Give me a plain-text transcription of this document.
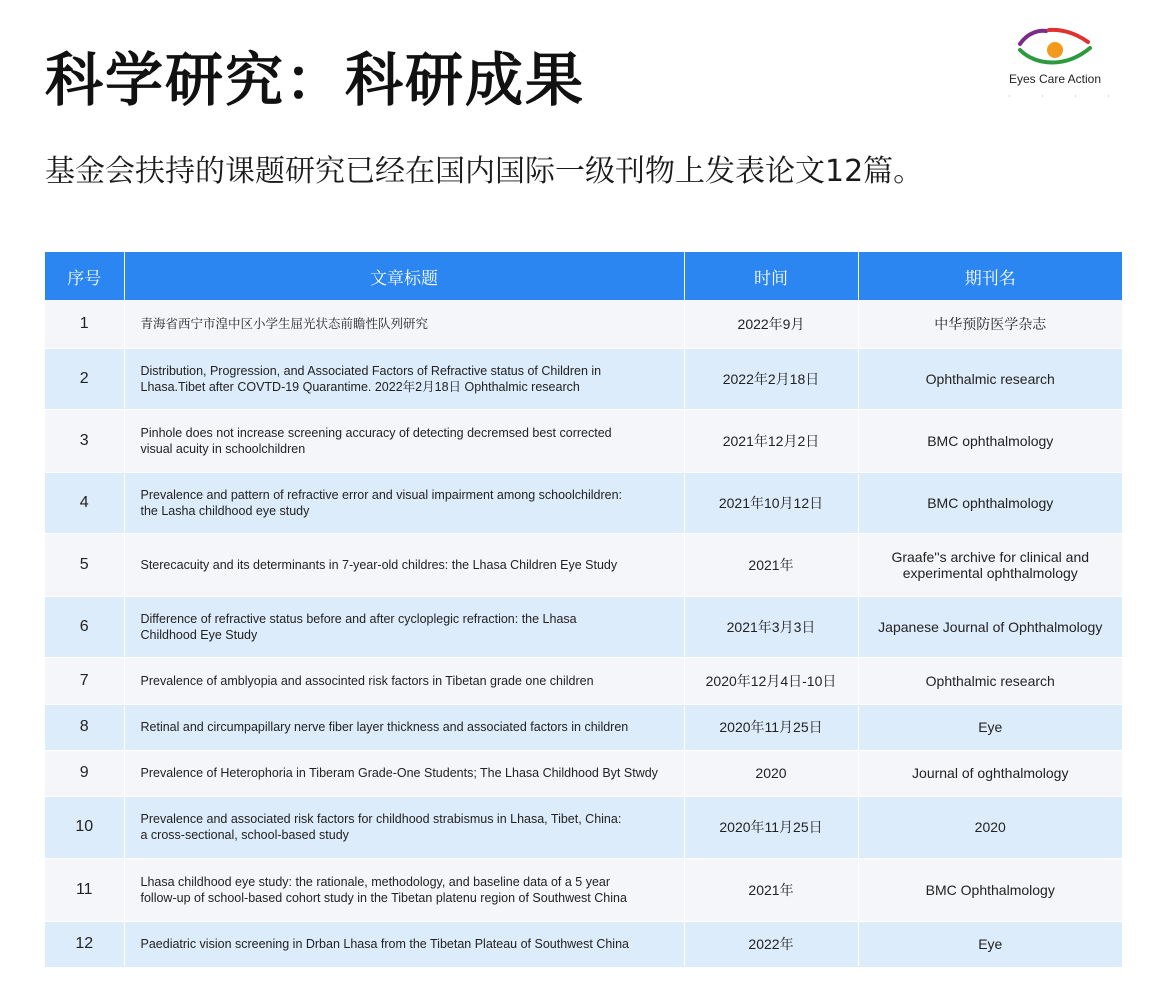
科学研究：科研成果
基金会扶持的课题研究已经在国内国际一级刊物上发表论文12篇。
Eyes Care Action
· · · ·
序号	文章标题	时间	期刊名
1	青海省西宁市湟中区小学生屈光状态前瞻性队列研究	2022年9月	中华预防医学杂志
2	Distribution, Progression, and Associated Factors of Refractive status of Children in
Lhasa.Tibet after COVTD-19 Quarantime. 2022年2月18日 Ophthalmic research	2022年2月18日	Ophthalmic research
3	Pinhole does not increase screening accuracy of detecting decremsed best corrected
visual acuity in schoolchildren	2021年12月2日	BMC ophthalmology
4	Prevalence and pattern of refractive error and visual impairment among schoolchildren:
the Lasha childhood eye study	2021年10月12日	BMC ophthalmology
5	Sterecacuity and its determinants in 7-year-old childres: the Lhasa Children Eye Study	2021年	Graafe''s archive for clinical and
experimental ophthalmology
6	Difference of refractive status before and after cycloplegic refraction: the Lhasa
Childhood Eye Study	2021年3月3日	Japanese Journal of Ophthalmology
7	Prevalence of amblyopia and associnted risk factors in Tibetan grade one children	2020年12月4日-10日	Ophthalmic research
8	Retinal and circumpapillary nerve fiber layer thickness and associated factors in children	2020年11月25日	Eye
9	Prevalence of Heterophoria in Tiberam Grade-One Students; The Lhasa Childhood Byt Stwdy	2020	Journal of oghthalmology
10	Prevalence and associated risk factors for childhood strabismus in Lhasa, Tibet, China:
a cross-sectional, school-based study	2020年11月25日	2020
11	Lhasa childhood eye study: the rationale, methodology, and baseline data of a 5 year
follow-up of school-based cohort study in the Tibetan platenu region of Southwest China	2021年	BMC Ophthalmology
12	Paediatric vision screening in Drban Lhasa from the Tibetan Plateau of Southwest China	2022年	Eye
